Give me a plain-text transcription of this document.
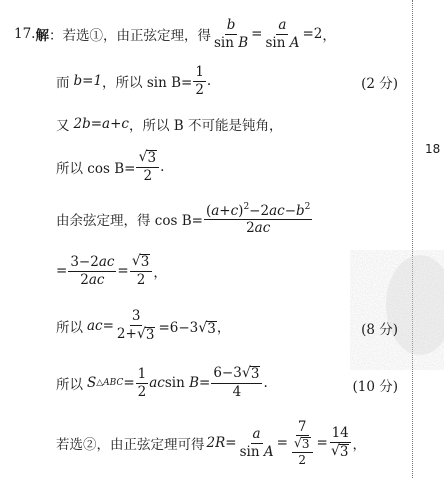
18
17. 解 ：若选①，由正弦定理，得 $\frac{b}{\text{sin B}} = \frac{a}{\text{sin A}} =2$ ，
而 b=1 ，所以 $\sin B= \frac{1}{2}$ .	(2 分)
又 2b=a+c ，所以 B 不可能是钝角，
所以 $\cos B= \frac{√ 3}{2}$ .
由余弦定理，得 $\cos B= \frac{(a+c)^2-2ac-b^2}{2ac}$
= $\frac{3-2ac}{2ac} = \frac{√ 3}{2}$ ，
所以 ac = $\frac{3}{2+ √ 3} =6-3$ √ 3 ，	(8 分)
所以 S △ABC = $\frac{1}{2}$ acsin $B= \frac{6-3 √ 3}{4}$ .	(10 分)
若选②，由正弦定理可得 $2R = \frac{a}{\text{sin A}} = \frac{7}{\frac{√ 3}{2}} = \frac{14}{√ 3}$ ，
